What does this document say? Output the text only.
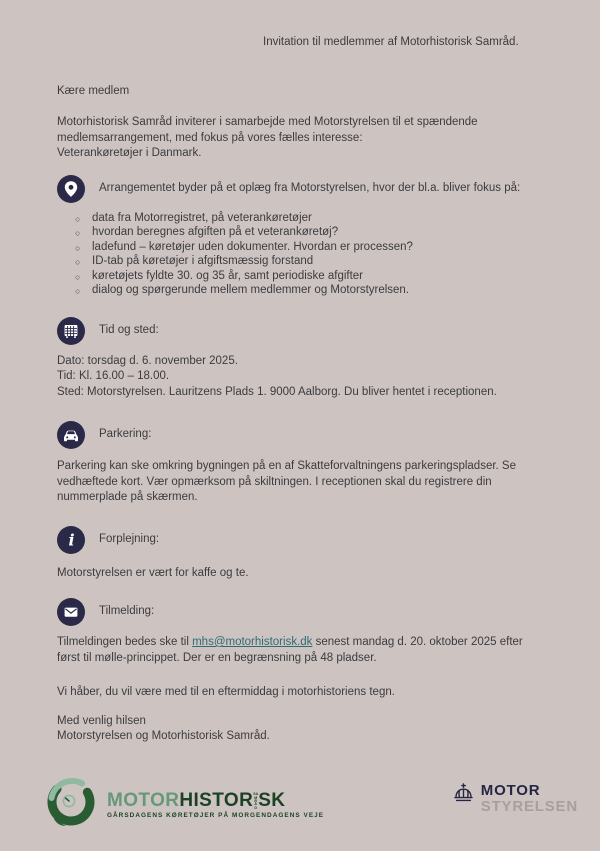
Invitation til medlemmer af Motorhistorisk Samråd.

Kære medlem

Motorhistorisk Samråd inviterer i samarbejde med Motorstyrelsen til et spændende medlemsarrangement, med fokus på vores fælles interesse:
Veterankøretøjer i Danmark.

Arrangementet byder på et oplæg fra Motorstyrelsen, hvor der bl.a. bliver fokus på:
○ data fra Motorregistret, på veterankøretøjer
○ hvordan beregnes afgiften på et veterankøretøj?
○ ladefund – køretøjer uden dokumenter. Hvordan er processen?
○ ID-tab på køretøjer i afgiftsmæssig forstand
○ køretøjets fyldte 30. og 35 år, samt periodiske afgifter
○ dialog og spørgerunde mellem medlemmer og Motorstyrelsen.
Tid og sted:

Dato: torsdag d. 6. november 2025.

Tid: Kl. 16.00 – 18.00.

Sted: Motorstyrelsen. Lauritzens Plads 1. 9000 Aalborg. Du bliver hentet i receptionen.

Parkering:

Parkering kan ske omkring bygningen på en af Skatteforvaltningens parkeringspladser. Se vedhæftede kort. Vær opmærksom på skiltningen. I receptionen skal du registrere din nummerplade på skærmen.

i Forplejning:

Motorstyrelsen er vært for kaffe og te.

Tilmelding:

Tilmeldingen bedes ske til mhs@motorhistorisk.dk senest mandag d. 20. oktober 2025 efter først til mølle-princippet. Der er en begrænsning på 48 pladser.

Vi håber, du vil være med til en eftermiddag i motorhistoriens tegn.

Med venlig hilsen
Motorstyrelsen og Motorhistorisk Samråd.

MOTOR HISTOR SAMRÅD SK
GÅRSDAGENS KØRETØJER PÅ MORGENDAGENS VEJE
MOTOR
STYRELSEN
